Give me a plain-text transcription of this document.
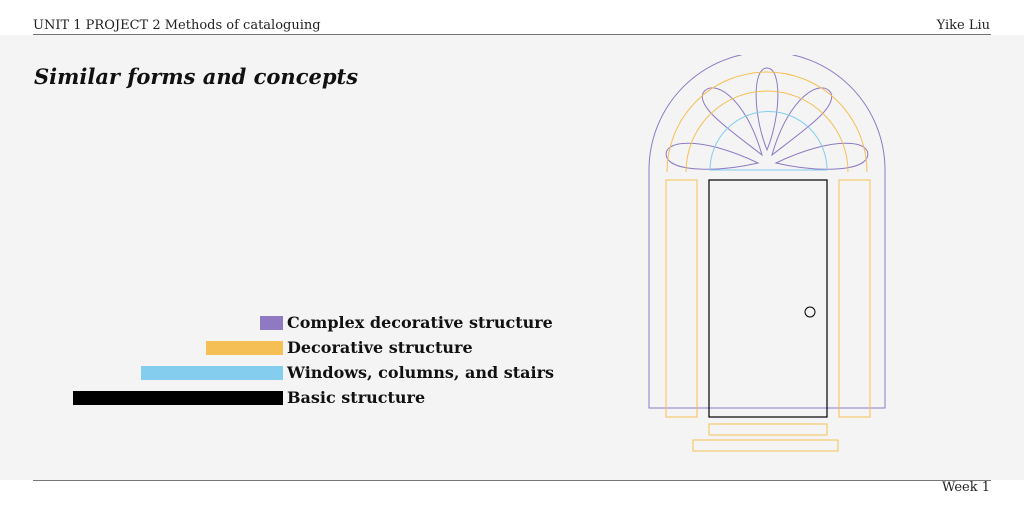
UNIT 1 PROJECT 2 Methods of cataloguing	Yike Liu
Similar forms and concepts
Complex decorative structure
Decorative structure
Windows, columns, and stairs
Basic structure
Week 1
